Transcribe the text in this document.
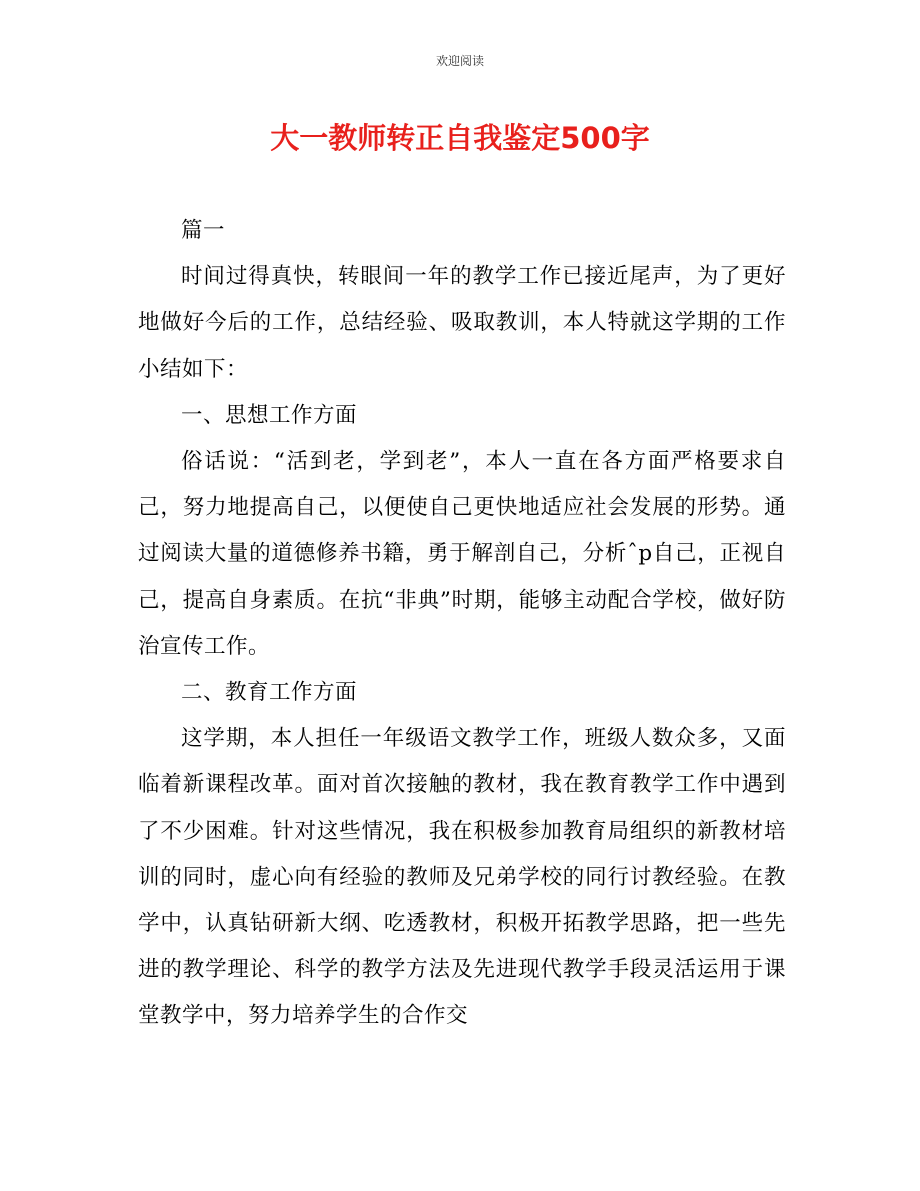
欢迎阅读
大一教师转正自我鉴定500字

篇一

时间过得真快，转眼间一年的教学工作已接近尾声，为了更好地做好今后的工作，总结经验、吸取教训，本人特就这学期的工作小结如下：

一、思想工作方面

俗话说：“活到老，学到老”，本人一直在各方面严格要求自己，努力地提高自己，以便使自己更快地适应社会发展的形势。通过阅读大量的道德修养书籍，勇于解剖自己，分析ˆp自己，正视自己，提高自身素质。在抗“非典”时期，能够主动配合学校，做好防治宣传工作。

二、教育工作方面

这学期，本人担任一年级语文教学工作，班级人数众多，又面临着新课程改革。面对首次接触的教材，我在教育教学工作中遇到了不少困难。针对这些情况，我在积极参加教育局组织的新教材培训的同时，虚心向有经验的教师及兄弟学校的同行讨教经验。在教学中，认真钻研新大纲、吃透教材，积极开拓教学思路，把一些先进的教学理论、科学的教学方法及先进现代教学手段灵活运用于课堂教学中，努力培养学生的合作交
